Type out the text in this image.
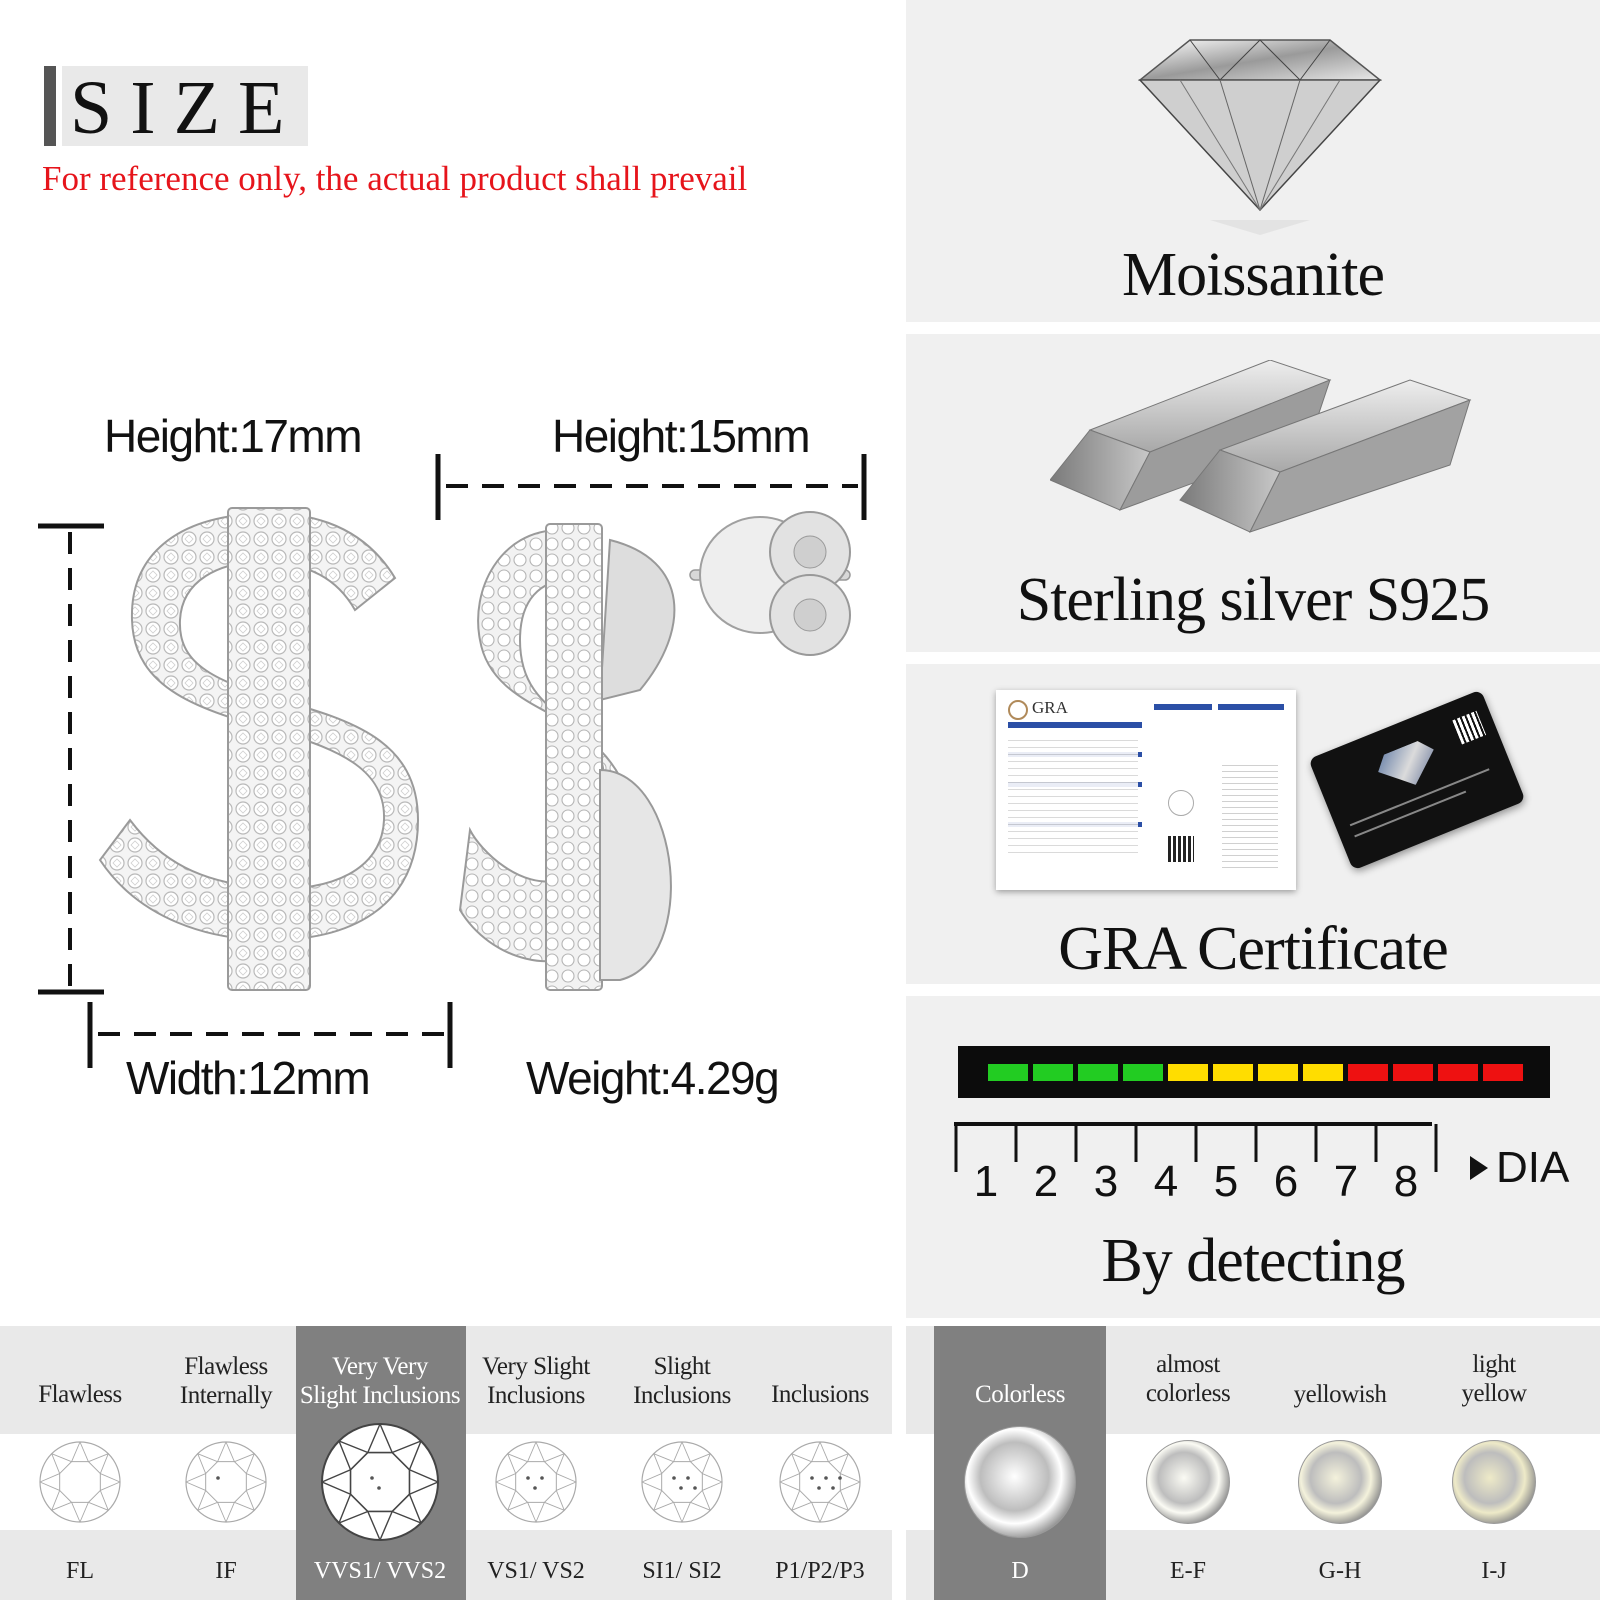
SIZE
For reference only, the actual product shall prevail
Height:17mm	Height:15mm
Width:12mm	Weight:4.29g
Moissanite
Sterling silver S925
GRA
GRA Certificate
1 2 3 4 5 6 7 8 DIA
By detecting
Flawless
FL
Flawless
Internally
IF
Very Very
Slight Inclusions
VVS1/ VVS2
Very Slight
Inclusions
VS1/ VS2
Slight
Inclusions
SI1/ SI2
Inclusions
P1/P2/P3
Colorless
D
almost
colorless
E-F
yellowish
G-H
light
yellow
I-J
